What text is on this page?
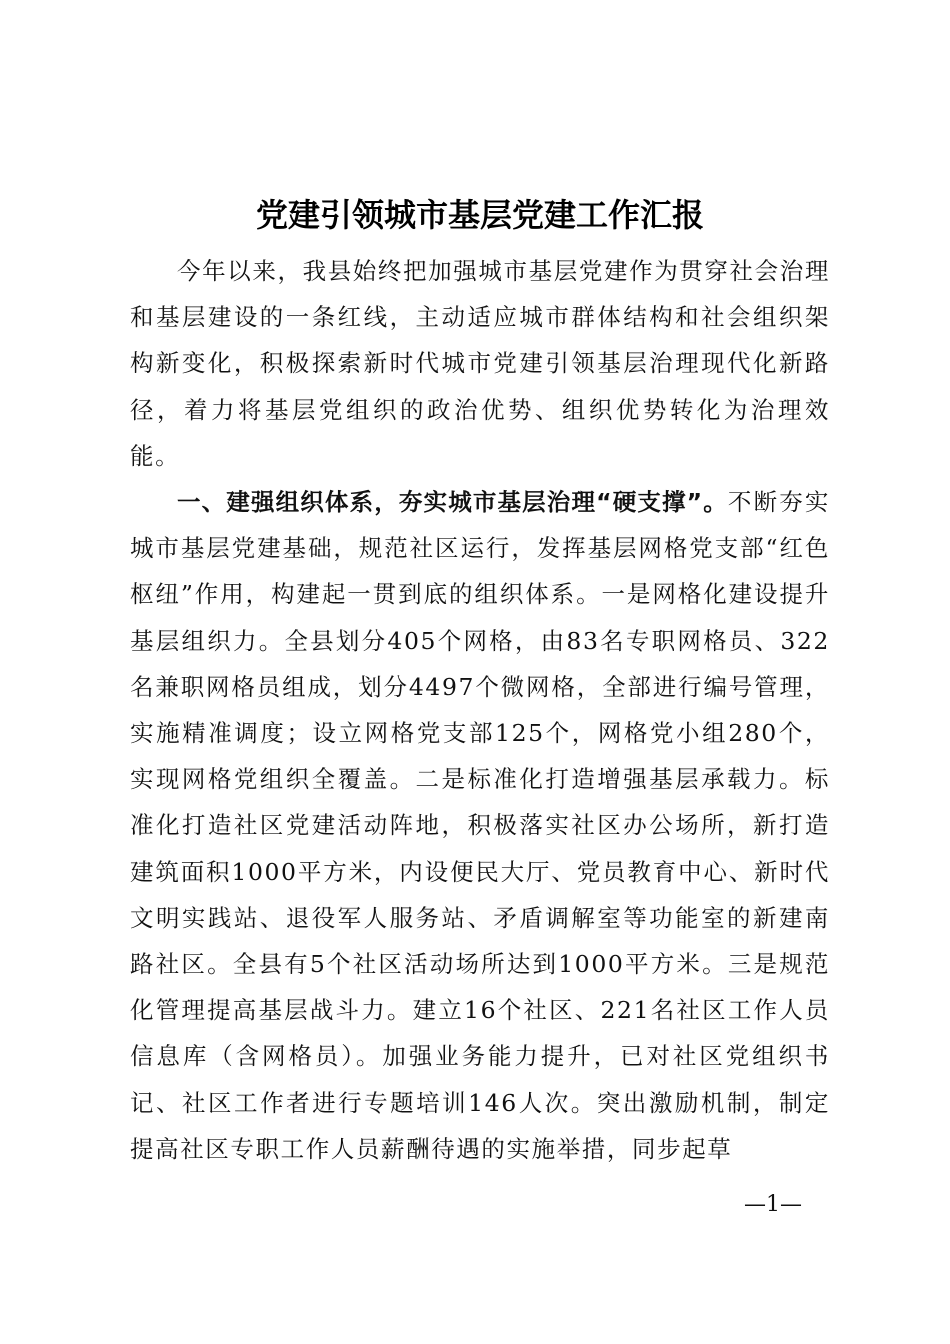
党建引领城市基层党建工作汇报

今年以来，我县始终把加强城市基层党建作为贯穿社会治理和基层建设的一条红线，主动适应城市群体结构和社会组织架构新变化，积极探索新时代城市党建引领基层治理现代化新路径，着力将基层党组织的政治优势、组织优势转化为治理效能。

一、建强组织体系，夯实城市基层治理“硬支撑”。不断夯实城市基层党建基础，规范社区运行，发挥基层网格党支部“红色枢纽”作用，构建起一贯到底的组织体系。一是网格化建设提升基层组织力。全县划分405个网格，由83名专职网格员、322名兼职网格员组成，划分4497个微网格，全部进行编号管理，实施精准调度；设立网格党支部125个，网格党小组280个，实现网格党组织全覆盖。二是标准化打造增强基层承载力。标准化打造社区党建活动阵地，积极落实社区办公场所，新打造建筑面积1000平方米，内设便民大厅、党员教育中心、新时代文明实践站、退役军人服务站、矛盾调解室等功能室的新建南路社区。全县有5个社区活动场所达到1000平方米。三是规范化管理提高基层战斗力。建立16个社区、221名社区工作人员信息库（含网格员）。加强业务能力提升，已对社区党组织书记、社区工作者进行专题培训146人次。突出激励机制，制定提高社区专职工作人员薪酬待遇的实施举措，同步起草

—1—
